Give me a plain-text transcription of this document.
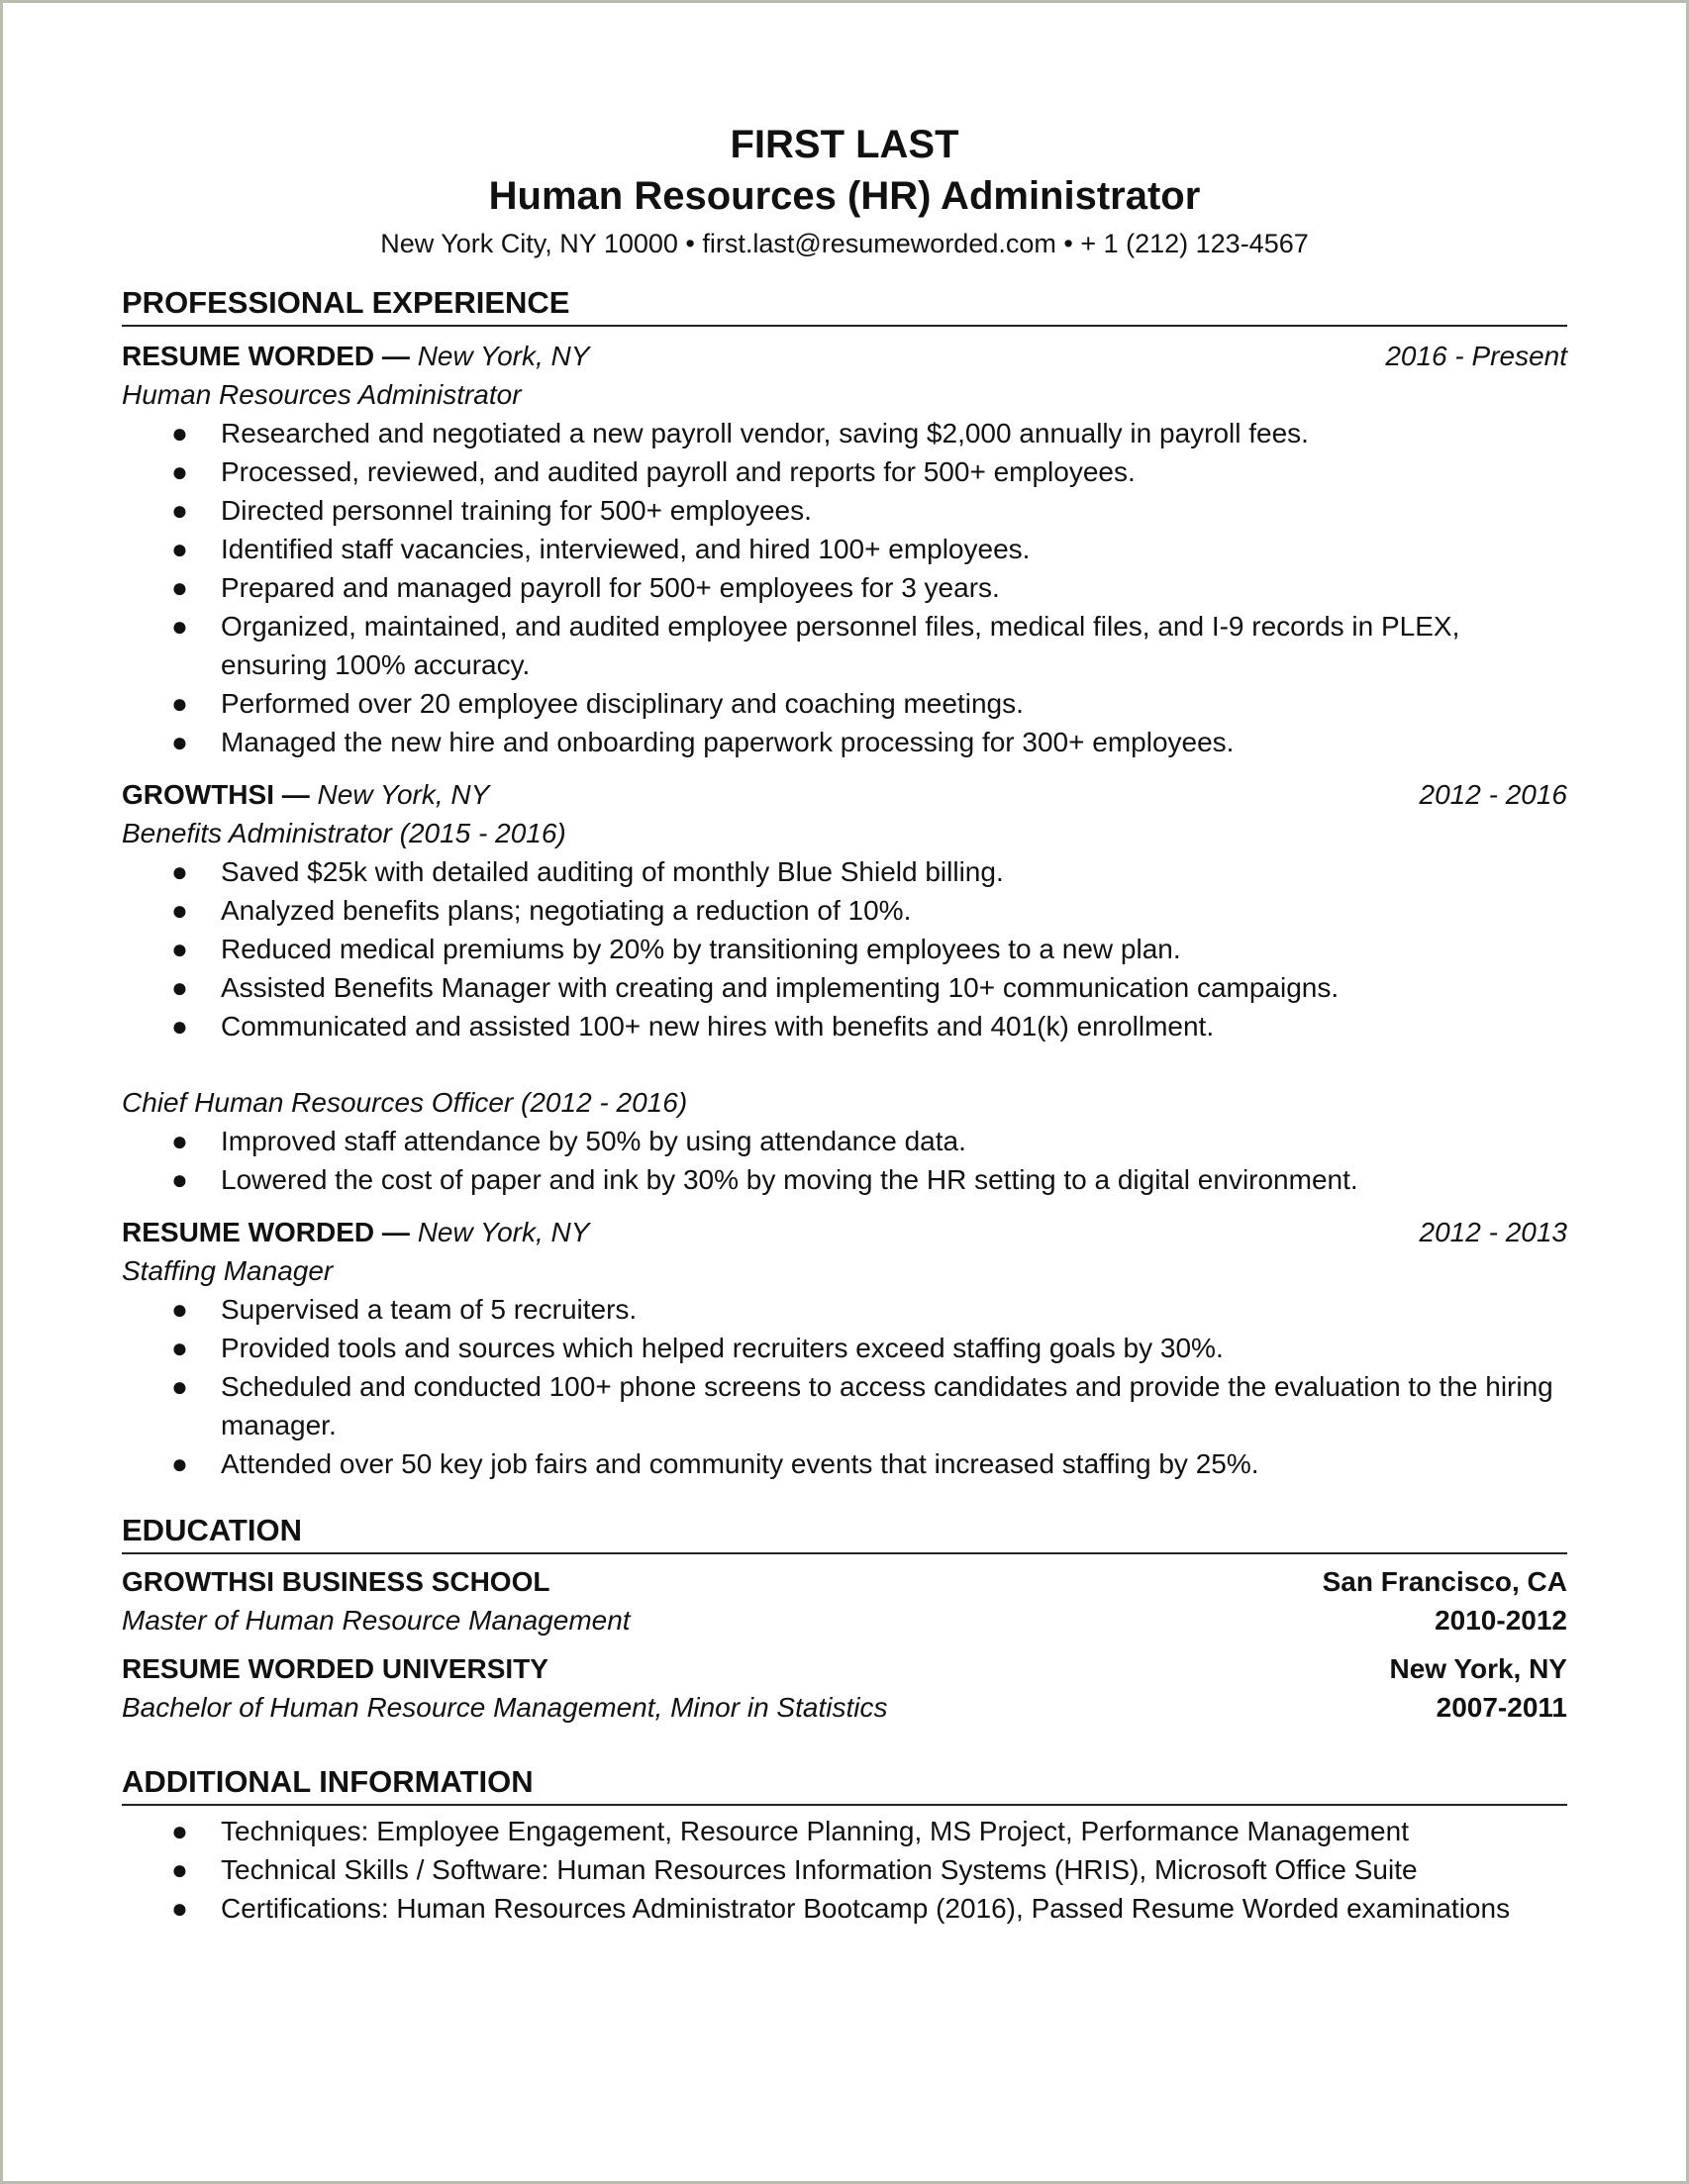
FIRST LAST
Human Resources (HR) Administrator
New York City, NY 10000 • first.last@resumeworded.com • + 1 (212) 123-4567
PROFESSIONAL EXPERIENCE
RESUME WORDED — New York, NY	2016 - Present
Human Resources Administrator
● Researched and negotiated a new payroll vendor, saving $2,000 annually in payroll fees.
● Processed, reviewed, and audited payroll and reports for 500+ employees.
● Directed personnel training for 500+ employees.
● Identified staff vacancies, interviewed, and hired 100+ employees.
● Prepared and managed payroll for 500+ employees for 3 years.
● Organized, maintained, and audited employee personnel files, medical files, and I-9 records in PLEX, ensuring 100% accuracy.
● Performed over 20 employee disciplinary and coaching meetings.
● Managed the new hire and onboarding paperwork processing for 300+ employees.
GROWTHSI — New York, NY	2012 - 2016
Benefits Administrator (2015 - 2016)
● Saved $25k with detailed auditing of monthly Blue Shield billing.
● Analyzed benefits plans; negotiating a reduction of 10%.
● Reduced medical premiums by 20% by transitioning employees to a new plan.
● Assisted Benefits Manager with creating and implementing 10+ communication campaigns.
● Communicated and assisted 100+ new hires with benefits and 401(k) enrollment.
Chief Human Resources Officer (2012 - 2016)
● Improved staff attendance by 50% by using attendance data.
● Lowered the cost of paper and ink by 30% by moving the HR setting to a digital environment.
RESUME WORDED — New York, NY	2012 - 2013
Staffing Manager
● Supervised a team of 5 recruiters.
● Provided tools and sources which helped recruiters exceed staffing goals by 30%.
● Scheduled and conducted 100+ phone screens to access candidates and provide the evaluation to the hiring manager.
● Attended over 50 key job fairs and community events that increased staffing by 25%.
EDUCATION
GROWTHSI BUSINESS SCHOOL	San Francisco, CA
Master of Human Resource Management	2010-2012
RESUME WORDED UNIVERSITY	New York, NY
Bachelor of Human Resource Management, Minor in Statistics	2007-2011
ADDITIONAL INFORMATION
● Techniques: Employee Engagement, Resource Planning, MS Project, Performance Management
● Technical Skills / Software: Human Resources Information Systems (HRIS), Microsoft Office Suite
● Certifications: Human Resources Administrator Bootcamp (2016), Passed Resume Worded examinations
